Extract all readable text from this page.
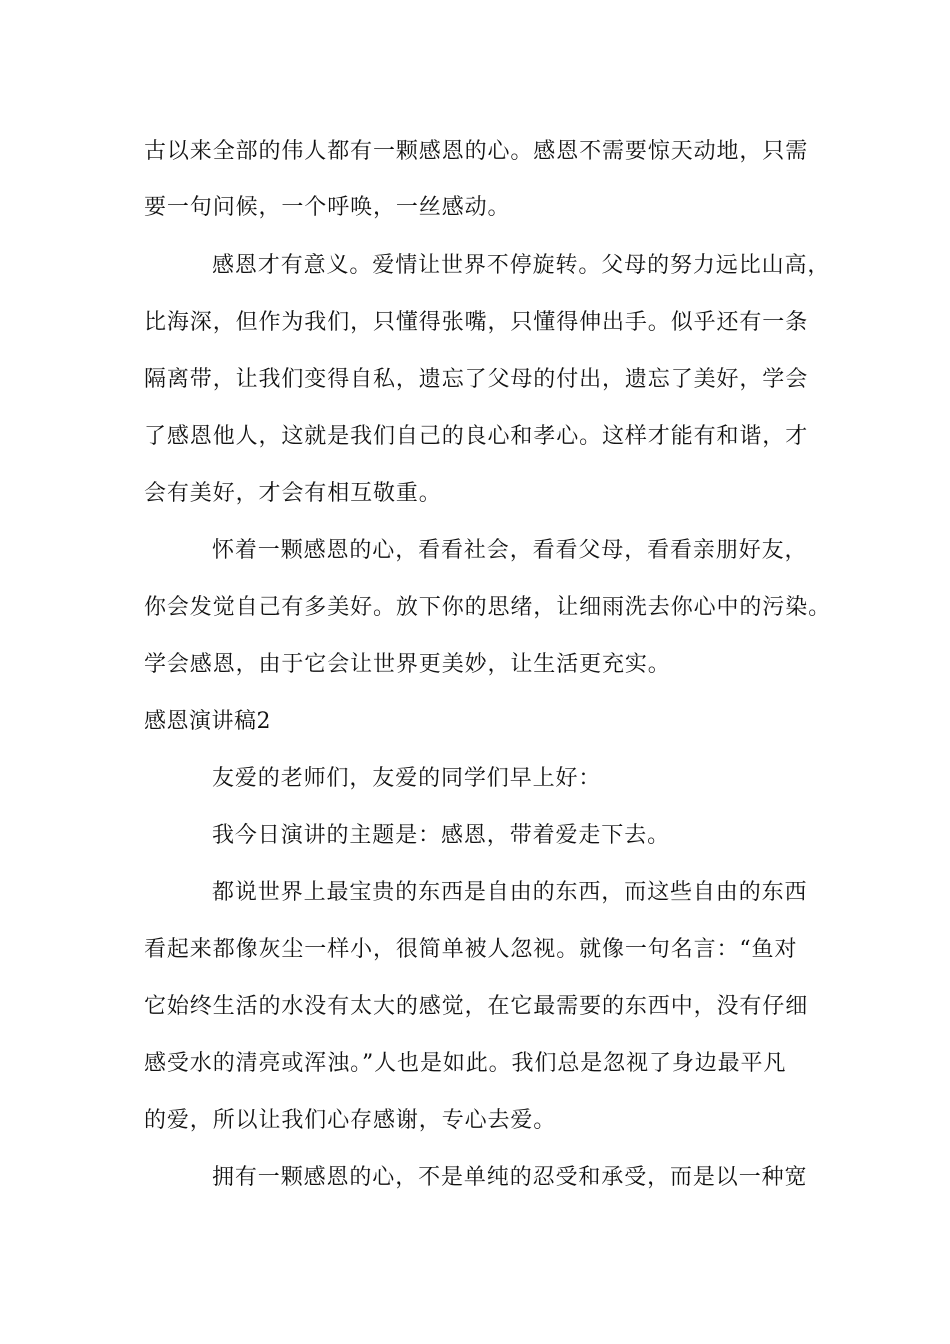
古以来全部的伟人都有一颗感恩的心。感恩不需要惊天动地，只需
要一句问候，一个呼唤，一丝感动。
感恩才有意义。爱情让世界不停旋转。父母的努力远比山高，
比海深，但作为我们，只懂得张嘴，只懂得伸出手。似乎还有一条
隔离带，让我们变得自私，遗忘了父母的付出，遗忘了美好，学会
了感恩他人，这就是我们自己的良心和孝心。这样才能有和谐，才
会有美好，才会有相互敬重。
怀着一颗感恩的心，看看社会，看看父母，看看亲朋好友，
你会发觉自己有多美好。放下你的思绪，让细雨洗去你心中的污染。
学会感恩，由于它会让世界更美妙，让生活更充实。
感恩演讲稿2
友爱的老师们，友爱的同学们早上好：
我今日演讲的主题是：感恩，带着爱走下去。
都说世界上最宝贵的东西是自由的东西，而这些自由的东西
看起来都像灰尘一样小，很简单被人忽视。就像一句名言：“鱼对
它始终生活的水没有太大的感觉，在它最需要的东西中，没有仔细
感受水的清亮或浑浊。”人也是如此。我们总是忽视了身边最平凡
的爱，所以让我们心存感谢，专心去爱。
拥有一颗感恩的心，不是单纯的忍受和承受，而是以一种宽
